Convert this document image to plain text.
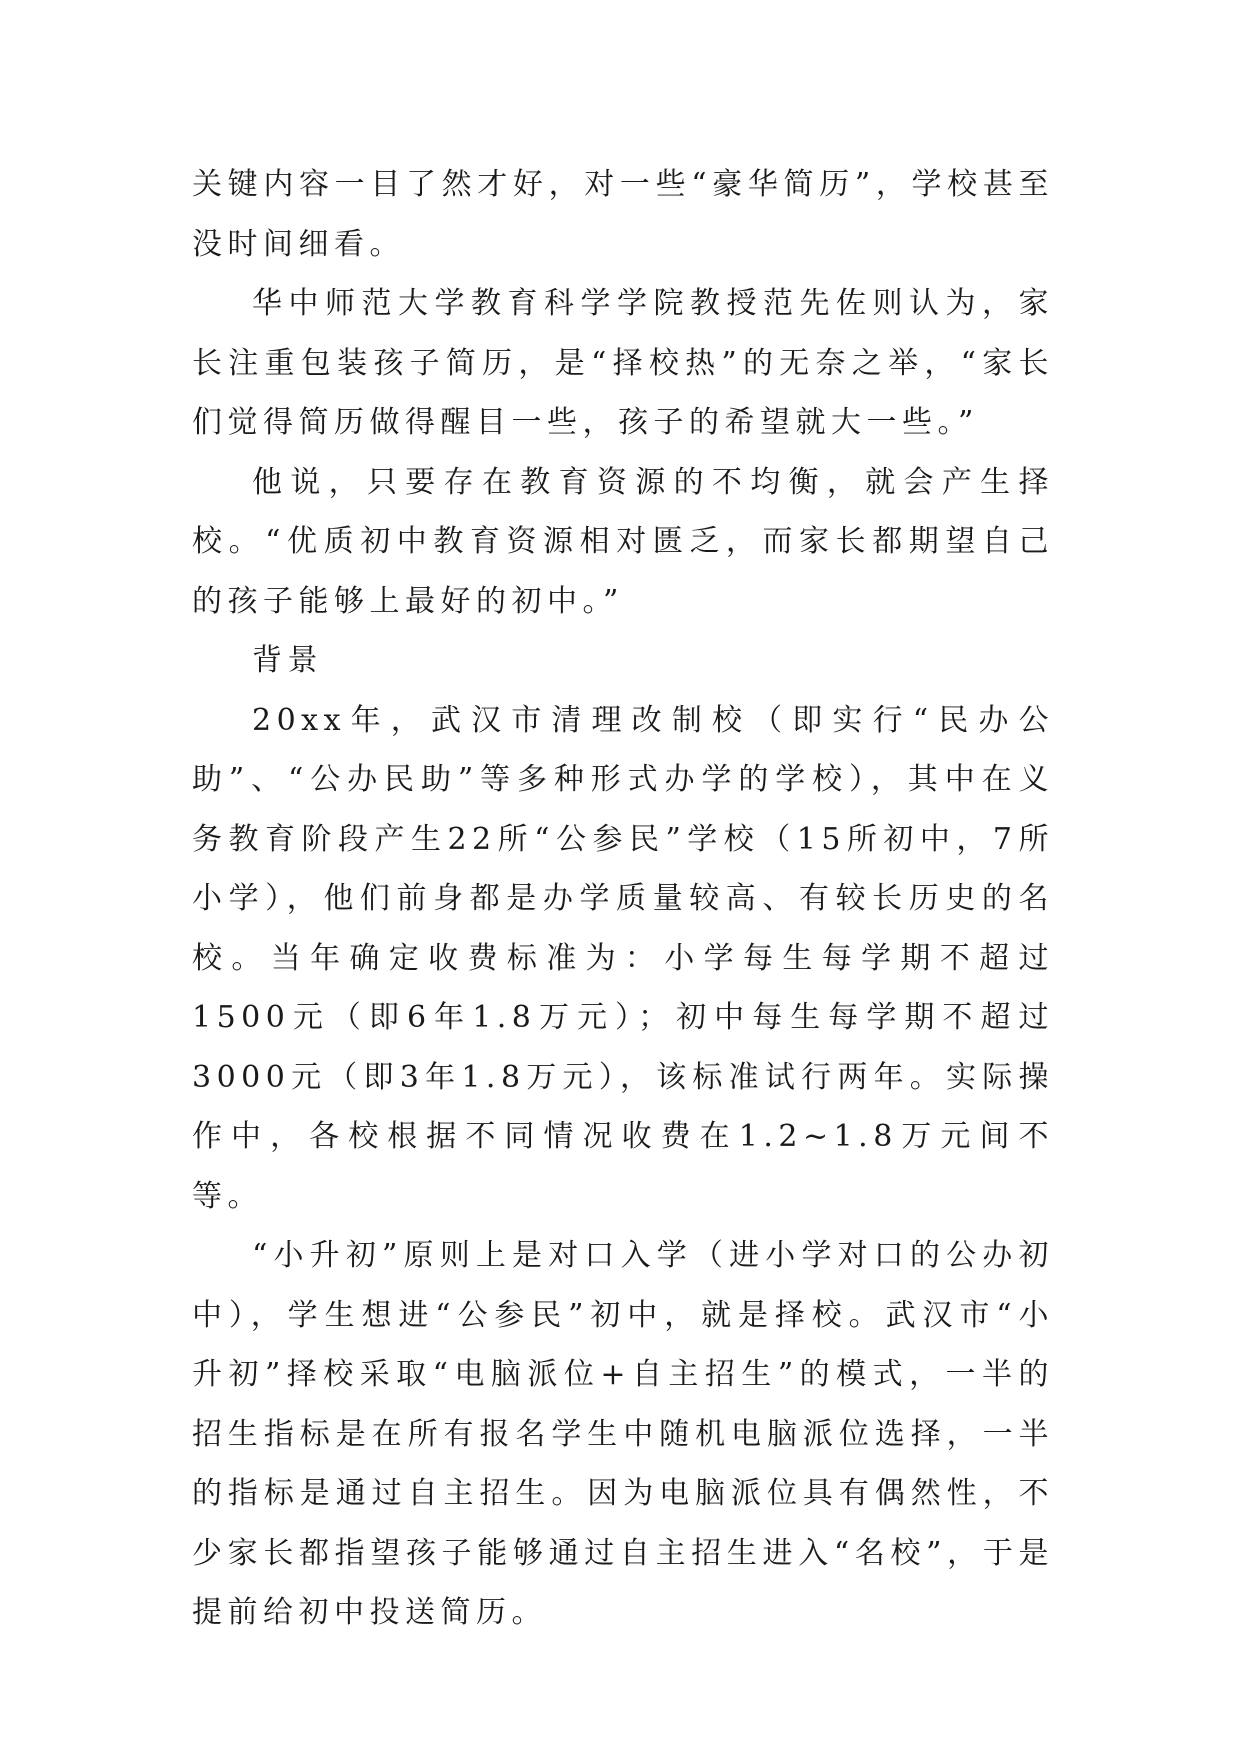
关键内容一目了然才好，对一些“豪华简历”，学校甚至没时间细看。

华中师范大学教育科学学院教授范先佐则认为，家长注重包装孩子简历，是“择校热”的无奈之举，“家长们觉得简历做得醒目一些，孩子的希望就大一些。”

他说，只要存在教育资源的不均衡，就会产生择校。“优质初中教育资源相对匮乏，而家长都期望自己的孩子能够上最好的初中。”

背景

20xx年，武汉市清理改制校（即实行“民办公助”、“公办民助”等多种形式办学的学校），其中在义务教育阶段产生22所“公参民”学校（15所初中，7所小学），他们前身都是办学质量较高、有较长历史的名校。当年确定收费标准为：小学每生每学期不超过1500元（即6年1.8万元）；初中每生每学期不超过3000元（即3年1.8万元），该标准试行两年。实际操作中，各校根据不同情况收费在1.2~1.8万元间不等。

“小升初”原则上是对口入学（进小学对口的公办初中），学生想进“公参民”初中，就是择校。武汉市“小升初”择校采取“电脑派位+自主招生”的模式，一半的招生指标是在所有报名学生中随机电脑派位选择，一半的指标是通过自主招生。因为电脑派位具有偶然性，不少家长都指望孩子能够通过自主招生进入“名校”，于是提前给初中投送简历。
